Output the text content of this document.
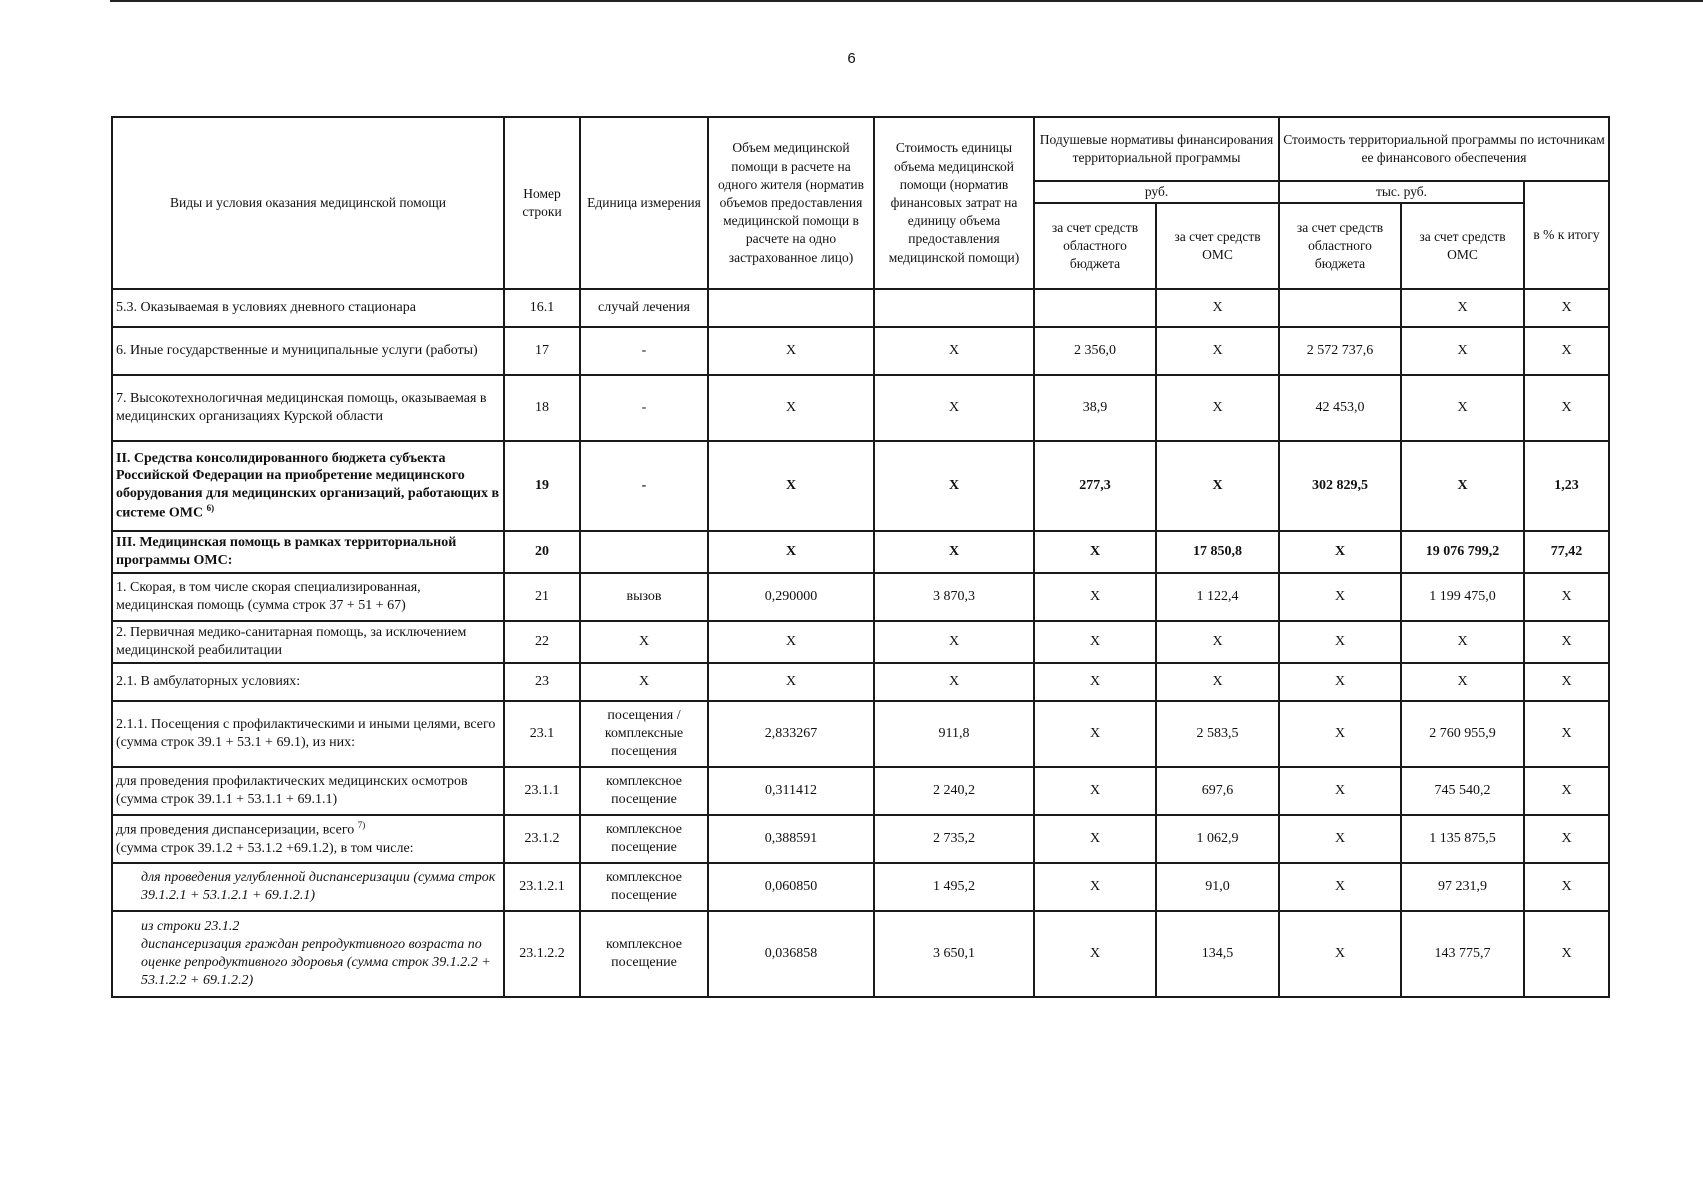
6
Виды и условия оказания медицинской помощи	Номер строки	Единица измерения	Объем медицинской помощи в расчете на одного жителя (норматив объемов предоставления медицинской помощи в расчете на одно застрахованное лицо)	Стоимость единицы объема медицинской помощи (норматив финансовых затрат на единицу объема предоставления медицинской помощи)	Подушевые нормативы финансирования территориальной программы		Стоимость территориальной программы по источникам ее финансового обеспечения		
					руб.		тыс. руб.		в % к итогу
					за счет средств областного бюджета	за счет средств ОМС	за счет средств областного бюджета	за счет средств ОМС	
5.3. Оказываемая в условиях дневного стационара	16.1	случай лечения				X		X	X
6. Иные государственные и муниципальные услуги (работы)	17	-	X	X	2 356,0	X	2 572 737,6	X	X
7. Высокотехнологичная медицинская помощь, оказываемая в медицинских организациях Курской области	18	-	X	X	38,9	X	42 453,0	X	X
II. Средства консолидированного бюджета субъекта Российской Федерации на приобретение медицинского оборудования для медицинских организаций, работающих в системе ОМС $^{6)}$	19	-	X	X	277,3	X	302 829,5	X	1,23
III. Медицинская помощь в рамках территориальной программы ОМС:	20		X	X	X	17 850,8	X	19 076 799,2	77,42
1. Скорая, в том числе скорая специализированная, медицинская помощь (сумма строк 37 + 51 + 67)	21	вызов	0,290000	3 870,3	X	1 122,4	X	1 199 475,0	X
2. Первичная медико-санитарная помощь, за исключением медицинской реабилитации	22	X	X	X	X	X	X	X	X
2.1. В амбулаторных условиях:	23	X	X	X	X	X	X	X	X
2.1.1. Посещения с профилактическими и иными целями, всего (сумма строк 39.1 + 53.1 + 69.1), из них:	23.1	посещения / комплексные посещения	2,833267	911,8	X	2 583,5	X	2 760 955,9	X
для проведения профилактических медицинских осмотров (сумма строк 39.1.1 + 53.1.1 + 69.1.1)	23.1.1	комплексное посещение	0,311412	2 240,2	X	697,6	X	745 540,2	X
для проведения диспансеризации, всего $^{7)}$
(сумма строк 39.1.2 + 53.1.2 +69.1.2), в том числе:	23.1.2	комплексное посещение	0,388591	2 735,2	X	1 062,9	X	1 135 875,5	X
для проведения углубленной диспансеризации (сумма строк 39.1.2.1 + 53.1.2.1 + 69.1.2.1)	23.1.2.1	комплексное посещение	0,060850	1 495,2	X	91,0	X	97 231,9	X
из строки 23.1.2
диспансеризация граждан репродуктивного возраста по оценке репродуктивного здоровья (сумма строк 39.1.2.2 + 53.1.2.2 + 69.1.2.2)	23.1.2.2	комплексное посещение	0,036858	3 650,1	X	134,5	X	143 775,7	X
